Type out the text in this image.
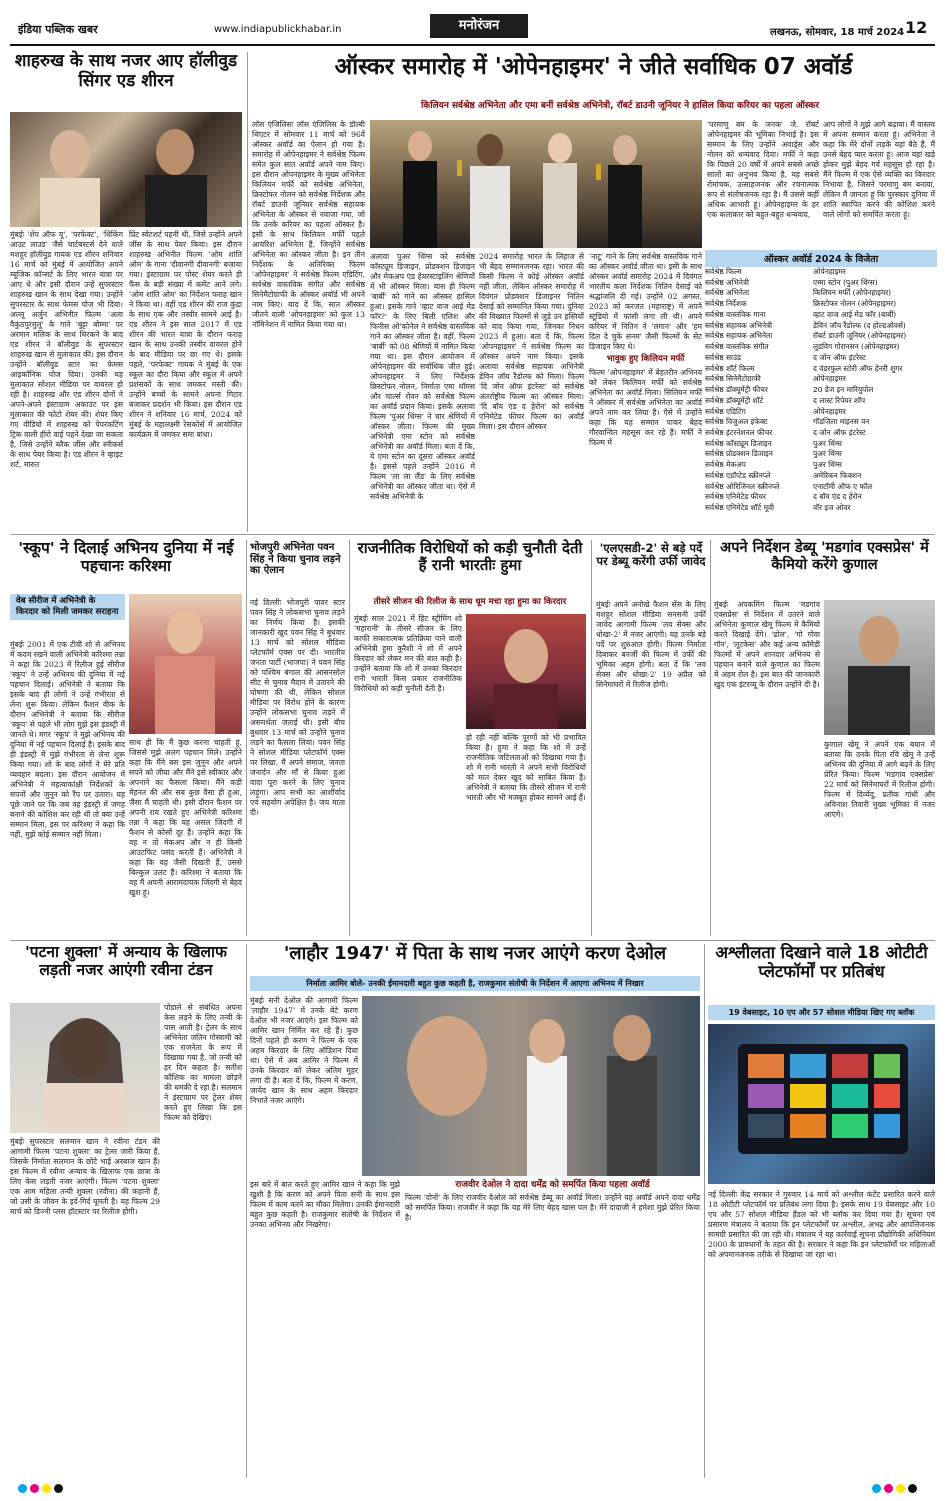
इंडिया पब्लिक खबर	www.indiapublickhabar.in	मनोरंजन	लखनऊ, सोमवार, 18 मार्च 2024 12
शाहरुख के साथ नजर आए हॉलीवुड सिंगर एड शीरन
मुंबईः 'शेप ऑफ यू', 'परफेक्ट', 'थिंकिंग आउट लाउड' जैसे चार्टबस्टर्स देने वाले मशहूर हॉलीवुड गायक एड शीरन शनिवार 16 मार्च को मुंबई में आयोजित अपने म्यूजिक कॉन्सर्ट के लिए भारत यात्रा पर आए थे और इसी दौरान उन्हें सुपरस्टार शाहरुख खान के साथ देखा गया। उन्होंने सुपरस्टार के साथ फेमस पोज भी दिया। अल्लू अर्जुन अभिनीत फिल्म 'अला वैकुंठपुरमुलू' के गाने 'बुट्टा बोम्मा' पर अरमान मलिक के साथ थिरकने के बाद एड शीरन ने बॉलीवुड के सुपरस्टार शाहरुख खान से मुलाकात की। इस दौरान उन्होंने बॉलीवुड स्टार का फेमस आइकॉनिक पोज दिया। उनकी यह मुलाकात सोशल मीडिया पर वायरल हो रही है। शाहरुख और एड शीरन दोनों ने अपने-अपने इंस्टाग्राम अकाउंट पर इस मुलाकात की फोटो शेयर की। शेयर किए गए वीडियो में शाहरुख को पेपरकटिंग ट्रिक वाली हीरो वाई पहने देखा जा सकता है, जिसे उन्होंने ब्लैक जींस और स्नीकर्स के साथ पेयर किया है। एड शीरन ने व्हाइट शर्ट, मारुत
प्रिंट स्वेटशर्ट पहनी थी, जिसे उन्होंने अपने जींस के साथ पेयर किया। इस दौरान शाहरुख अभिनीत फिल्म 'ओम शांति ओम' के गाना 'दीवानगी दीवानगी' बजाया गया। इंस्टाग्राम पर पोस्ट शेयर करते ही फैंस के बड़ी संख्या में कमेंट आने लगे। 'ओम शांति ओम' का निर्देशन फराह खान ने किया था। वहीं एड शीरन की राज कुंद्रा के साथ एक और तस्वीर सामने आई है। एड शीरन ने इस साल 2017 में एड शीरन की भारत यात्रा के दौरान फराह खान के साथ उनकी तस्वीर वायरल होने के बाद मीडिया पर छा गए थे। इसके पहले, 'परफेक्ट' गायक ने मुंबई के एक स्कूल का दौरा किया और स्कूल में अपने प्रशंसकों के साथ जमकर मस्ती की। उन्होंने बच्चों के सामने अपना गिटार बजाकर प्रदर्शन भी किया। इस दौरान एड शीरन ने शनिवार 16 मार्च, 2024 को मुंबई के महालक्ष्मी रेसकोर्स में आयोजित कार्यक्रम में जमकर समा बांधा।
ऑस्कर समारोह में 'ओपेनहाइमर' ने जीते सर्वाधिक 07 अवॉर्ड
किलियन सर्वश्रेष्ठ अभिनेता और एमा बनीं सर्वश्रेष्ठ अभिनेत्री, रॉबर्ट डाउनी जूनियर ने हासिल किया करियर का पहला ऑस्कर
लॉस एंजिलिसः लॉस एंजिलिस के डॉल्बी थिएटर में सोमवार 11 मार्च को 96वें ऑस्कर अवॉर्ड का ऐलान हो गया है। समारोह में ओपेनहाइमर ने सर्वश्रेष्ठ फिल्म समेत कुल सात अवॉर्ड अपने नाम किए। इस दौरान ओपनहाइमर के मुख्य अभिनेता किलियन मर्फी को सर्वश्रेष्ठ अभिनेता, क्रिस्टोफर नोलन को सर्वश्रेष्ठ निर्देशक और रॉबर्ट डाउनी जूनियर सर्वश्रेष्ठ सहायक अभिनेता के ऑस्कर से नवाजा गया, जो कि उनके करियर का पहला ऑस्कर है। इसी के साथ किलियन मर्फी पहले आयरिश अभिनेता हैं, जिन्होंने सर्वश्रेष्ठ अभिनेता का ऑस्कर जीता है। इन तीन निर्देशक के अतिरिक्त फिल्म 'ओपेनहाइमर' ने सर्वश्रेष्ठ फिल्म एडिटिंग, सर्वश्रेष्ठ वास्तविक संगीत और सर्वश्रेष्ठ सिनेमैटोग्राफी के ऑस्कर अवॉर्ड भी अपने नाम किए। याद दें कि, सात ऑस्कर जीतने वाली 'ओपनहाइमर' को कुल 13 नॉमिनेशन में नामित किया गया था।
अलावा पुअर थिंग्स को सर्वश्रेष्ठ कॉस्ट्यूम डिजाइन, प्रोडक्शन डिजाइन और मेकअप एंड हेयरस्टाइलिंग श्रेणियों में भी ऑस्कर मिला। यास ही फिल्म 'बार्बी' को गाने का ऑस्कर हासिल हुआ। इसके गाने 'व्हाट वाज आई मेड फॉर?' के लिए बिली एलिश और फिनीस ओ'कोनेल ने सर्वश्रेष्ठ वास्तविक गाने का ऑस्कर जीता है। वहीं, फिल्म 'बार्बी' को 08 श्रेणियों में नामित किया गया था। इस दौरान आयोजन में ओपेनहाइमर की सर्वाधिक जीत हुई। ओपनहाइमर ने लिए निर्देशक क्रिस्टोफर नोलन, निर्माता एमा थॉमस और चार्ल्स रोवन को सर्वश्रेष्ठ फिल्म का अवॉर्ड प्रदान किया। इसके अलावा फिल्म 'पुअर थिंग्स' ने चार श्रेणियों में ऑस्कर जीता। फिल्म की मुख्य अभिनेत्री एमा स्टोन को सर्वश्रेष्ठ अभिनेत्री का अवॉर्ड मिला। बता दें कि, ये एमा स्टोन का दूसरा ऑस्कर अवॉर्ड है। इससे पहले उन्होंने 2016 में फिल्म 'ला ला लैंड' के लिए सर्वश्रेष्ठ अभिनेत्री का ऑस्कर जीता था। ऐसे में सर्वश्रेष्ठ अभिनेत्री के
2024 समारोह भारत के लिहाज से भी बेहद सम्मानजनक रहा। भारत की किसी फिल्म ने कोई ऑस्कर अवॉर्ड नहीं जीता, लेकिन ऑस्कर समारोह में दिवंगत प्रोडक्शन डिजाइनर नितिन देसाई को सम्मानित किया गया। दुनिया की विख्यात फिल्मों से जुड़े उन हस्तियों को याद किया गया, जिनका निधन 2023 में हुआ। बता दें कि, फिल्म 'ओपनहाइमर' ने सर्वश्रेष्ठ फिल्म का ऑस्कर अपने नाम किया। इसके अलावा सर्वश्रेष्ठ सहायक अभिनेत्री डेविन जॉय रैंडोल्फ को मिला। फिल्म 'दि जोन ऑफ इंटरेस्ट' को सर्वश्रेष्ठ अंतर्राष्ट्रीय फिल्म का ऑस्कर मिला। 'दि बॉय एंड द हेरोन' को सर्वश्रेष्ठ एनिमेटेड फीचर फिल्म का अवॉर्ड मिला। इस दौरान ऑस्कर
'नाटू' गाने के लिए सर्वश्रेष्ठ वास्तविक गाने का ऑस्कर अवॉर्ड जीता था। इसी के साथ ऑस्कर अवॉर्ड समारोह 2024 में दिवंगत भारतीय कला निर्देशक नितिन देसाई को श्रद्धांजलि दी गई। उन्होंने 02 अगस्त, 2023 को करजत (महाराष्ट्र) में अपने स्टूडियो में फांसी लगा ली थी। अपने करियर में नितिन ने 'लगान' और 'हम दिल दे चुके सनम' जैसी फिल्मों के सेट डिजाइन किए थे।
भावुक हुए किलियन मर्फी
फिल्म 'ओपनहाइमर' में बेहतरीन अभिनय को लेकर किलियन मर्फी को सर्वश्रेष्ठ अभिनेता का अवॉर्ड मिला। सिलियन मर्फी ने ऑस्कर में सर्वश्रेष्ठ अभिनेता का अवॉर्ड अपने नाम कर लिया है। ऐसे में उन्होंने कहा कि यह सम्मान पाकर बेहद गौरवान्वित महसूस कर रहे हैं। मर्फी ने फिल्म में
'परमाणु बम के जनक' जे. रॉबर्ट ओपेनहाइमर की भूमिका निभाई है। इस सम्मान के लिए उन्होंने अवार्ड्स और नोलन को धन्यवाद दिया। मर्फी ने कहा कि पिछले 20 वर्षों में अपने सबसे अच्छे सालों का अनुभव किया है, यह सबसे रोमांचक, उत्साहजनक और रचनात्मक रूप से संतोषजनक रहा है। मैं उससे कहीं अधिक आभारी हूं। ओपेनहाइमर के हर एक कलाकार को बहुत-बहुत धन्यवाद,
आप लोगों ने मुझे आगे बढ़ाया। मैं वास्तव में अपना सम्मान करता हूं। अभिनेता ने कहा कि मेरे दोनों लड़के यहां बैठे हैं, मैं उनसे बेहद प्यार करता हूं। आज यहां खड़े होकर मुझे बेहद गर्व महसूस हो रहा है। मैंने फिल्म में एक ऐसे व्यक्ति का किरदार निभाया है, जिसने परमाणु बम बनाया, लेकिन मैं जानता हूं कि पुरस्कार दुनिया में शांति स्थापित करने की कोशिश करने वाले लोगों को समर्पित करता हूं।
ऑस्कर अवॉर्ड 2024 के विजेता
सर्वश्रेष्ठ फिल्म	ओपेनहाइमर
सर्वश्रेष्ठ अभिनेत्री	एम्मा स्टोन (पुअर थिंग्स)
सर्वश्रेष्ठ अभिनेता	किलियन मर्फी (ओपेनहाइमर)
सर्वश्रेष्ठ निर्देशक	क्रिस्टोफर नोलन (ओपेनहाइमर)
सर्वश्रेष्ठ वास्तविक गाना	व्हाट वाज आई मेड फॉर (बार्बी)
सर्वश्रेष्ठ सहायक अभिनेत्री	डेविन जॉय रैंडोल्फ (द होल्डओवर्स)
सर्वश्रेष्ठ सहायक अभिनेता	रॉबर्ट डाउनी जूनियर (ओपेनहाइमर)
सर्वश्रेष्ठ वास्तविक संगीत	लुडविग गोरानसन (ओपेनहाइमर)
सर्वश्रेष्ठ साउंड	द जोन ऑफ इंटरेस्ट
सर्वश्रेष्ठ शॉर्ट फिल्म	द वंडरफुल स्टोरी ऑफ हेनरी शुगर
सर्वश्रेष्ठ सिनेमैटोग्राफी	ओपेनहाइमर
सर्वश्रेष्ठ डॉक्यूमेंट्री फीचर	20 डेज इन मारियुपोल
सर्वश्रेष्ठ डॉक्यूमेंट्री शॉर्ट	द लास्ट रिपेयर शॉप
सर्वश्रेष्ठ एडिटिंग	ओपेनहाइमर
सर्वश्रेष्ठ विजुअल इफेक्ट	गॉडजिला माइनस वन
सर्वश्रेष्ठ इंटरनेशनल फीचर	द जोन ऑफ इंटरेस्ट
सर्वश्रेष्ठ कॉस्ट्यूम डिजाइन	पुअर थिंग्स
सर्वश्रेष्ठ प्रोडक्शन डिजाइन	पुअर थिंग्स
सर्वश्रेष्ठ मेकअप	पुअर थिंग्स
सर्वश्रेष्ठ एडॉप्टेड स्क्रीनप्ले	अमेरिकन फिक्शन
सर्वश्रेष्ठ ओरिजिनल स्क्रीनप्ले	एनाटॉमी ऑफ ए फॉल
सर्वश्रेष्ठ एनिमेटेड फीचर	द बॉय एंड द हेरोन
सर्वश्रेष्ठ एनिमेटेड शॉर्ट मूवी	वॉर इज ओवर
'स्कूप' ने दिलाई अभिनय दुनिया में नई पहचानः करिश्मा
वेब सीरीज में अभिनेत्री के किरदार को मिली जमकर सराहना
मुंबईः 2001 में एक टीवी शो से अभिनय में कदम रखने वाली अभिनेत्री करिश्मा तन्ना ने कहा कि 2023 में रिलीज हुई सीरीज 'स्कूप' ने उन्हें अभिनय की दुनिया में नई पहचान दिलाई। अभिनेत्री ने बताया कि इसके बाद ही लोगों ने उन्हें गंभीरता से लेना शुरू किया। लेकिन फैशन वीक के दौरान अभिनेत्री ने बताया कि सीरीज 'स्कूप' से पहले भी लोग मुझे इस इंडस्ट्री में जानते थे। मगर 'स्कूप' ने मुझे अभिनय की दुनिया में नई पहचान दिलाई है। इसके बाद ही इंडस्ट्री में मुझे गंभीरता से लेना शुरू किया गया। शो के बाद लोगों ने मेरे प्रति व्यवहार बदला। इस दौरान आयोजन में अभिनेत्री ने महत्वाकांक्षी निर्देशकों के सपनों और जुनून को रैंप पर उतारा। यह पूछे जाने पर कि जब वह इंडस्ट्री में जगह बनाने की कोशिश कर रही थीं तो क्या उन्हें सम्मान मिला, इस पर करिश्मा ने कहा कि नहीं, मुझे कोई सम्मान नहीं मिला।
साथ ही कि मैं कुछ करना चाहती हूं, जिससे मुझे अलग पहचान मिले। उन्होंने कहा कि मैंने बस इस जुनून और अपने सपने को जीया और मैंने इसे स्वीकार और अपनाने का फैसला किया। मैंने कड़ी मेहनत की और सब कुछ वैसा ही हुआ, जैसा मैं चाहती थी। इसी दौरान फैशन पर अपनी राय रखते हुए अभिनेत्री करिश्मा तन्ना ने कहा कि यह असल जिंदगी में फैशन से कोसों दूर हैं। उन्होंने कहा कि वह न तो मेकअप और न ही किसी आउटफिट पसंद करती हैं। अभिनेत्री ने कहा कि वह जैसी दिखती हैं, उससे बिल्कुल उलट हैं। करिश्मा ने बताया कि वह मैं अपनी आरामदायक जिंदगी से बेहद खुश हूं।
भोजपुरी अभिनेता पवन सिंह ने किया चुनाव लड़ने का ऐलान
नई दिल्लीः भोजपुरी पावर स्टार पवन सिंह ने लोकसभा चुनाव लड़ने का निर्णय किया है। इसकी जानकारी खुद पवन सिंह ने बुधवार 13 मार्च को सोशल मीडिया प्लेटफॉर्म एक्स पर दी। भारतीय जनता पार्टी (भाजपा) ने पवन सिंह को पश्चिम बंगाल की आसनसोल सीट से चुनाव मैदान में उतारने की घोषणा की थी, लेकिन सोशल मीडिया पर विरोध होने के कारण उन्होंने लोकसभा चुनाव लड़ने में असमर्थता जताई थी। इसी बीच बुधवार 13 मार्च को उन्होंने चुनाव लड़ने का फैसला लिया। पवन सिंह ने सोशल मीडिया प्लेटफॉर्म एक्स पर लिखा, मैं अपने समाज, जनता जनार्दन और माँ से किया हुआ वादा पूरा करने के लिए चुनाव लड़ूंगा। आप सभी का आशीर्वाद एवं सहयोग अपेक्षित है। जय माता दी।
राजनीतिक विरोधियों को कड़ी चुनौती देती हैं रानी भारतीः हुमा
तीसरे सीजन की रिलीज के साथ धूम मचा रहा हुमा का किरदार
मुंबईः साल 2021 में हिट स्ट्रीमिंग शो 'महारानी' के तीसरे सीजन के लिए काफी सकारात्मक प्रतिक्रिया पाने वाली अभिनेत्री हुमा कुरैशी ने शो में अपने किरदार को लेकर मन की बात कही है। उन्होंने बताया कि शो में उनका किरदार रानी भारती किस प्रकार राजनीतिक विरोधियों को कड़ी चुनौती देती है।
हो रही नहीं बल्कि पूरणों को भी प्रभावित किया है। हुमा ने कहा कि शो में उन्हें राजनीतिक जटिलताओं को दिखाया गया है। शो में रानी भारती ने अपने सभी विरोधियों को मात देकर खुद को साबित किया है। अभिनेत्री ने बताया कि तीसरे सीजन में रानी भारती और भी मजबूत होकर सामने आई हैं।
'एलएसडी-2' से बड़े पर्दे पर डेब्यू करेंगी उर्फी जावेद
मुंबईः अपने अनोखे फैशन सेंस के लिए मशहूर सोशल मीडिया सनसनी उर्फी जावेद आगामी फिल्म 'लव सेक्स और धोखा-2' में नजर आएंगी। यह उनके बड़े पर्दे पर शुरुआत होगी। फिल्म निर्माता दिबाकर बनर्जी की फिल्म में उर्फी की भूमिका अहम होगी। बता दें कि 'लव सेक्स और धोखा-2' 19 अप्रैल को सिनेमाघरों में रिलीज होगी।
अपने निर्देशन डेब्यू 'मडगांव एक्सप्रेस' में कैमियो करेंगे कुणाल
मुंबईः अपकमिंग फिल्म 'मडगांव एक्सप्रेस' से निर्देशन में उतरने वाले अभिनेता कुणाल खेमू फिल्म में कैमियो करते दिखाई देंगे। 'ढोल', 'गो गोवा गॉन', 'लूटकेस' और कई अन्य कॉमेडी फिल्मों में अपने शानदार अभिनय से पहचान बनाने वाले कुणाल का फिल्म में अहम रोल है। इस बात की जानकारी खुद एक इंटरव्यू के दौरान उन्होंने दी है।
कुणाल खेमू ने अपने एक बयान में बताया कि उनके पिता रवि खेमू ने उन्हें अभिनय की दुनिया में आगे बढ़ने के लिए प्रेरित किया। फिल्म 'मडगांव एक्सप्रेस' 22 मार्च को सिनेमाघरों में रिलीज होगी। फिल्म में दिव्येंदु, प्रतीक गांधी और अविनाश तिवारी मुख्य भूमिका में नजर आएंगे।
'पटना शुक्ला' में अन्याय के खिलाफ लड़ती नजर आएंगी रवीना टंडन
मुंबईः सुपरस्टार सलमान खान ने रवीना टंडन की आगामी फिल्म 'पटना शुक्ला' का ट्रेलर जारी किया है, जिसके निर्माता सलमान के छोटे भाई अरबाज खान हैं। इस फिल्म में रवीना अन्याय के खिलाफ एक छात्रा के लिए केस लड़ती नजर आएंगी। फिल्म 'पटना शुक्ला' एक आम महिला तन्वी शुक्ला (रवीना) की कहानी है, जो उसी के जीवन के इर्द-गिर्द घूमती है। यह फिल्म 29 मार्च को डिज्नी प्लस हॉटस्टार पर रिलीज होगी।
पोडाले से संबंधित अपना केस लड़ने के लिए तन्वी के पास आती है। ट्रेलर के साथ अभिनेता जतिन गोस्वामी को एक राजनेता के रूप में दिखाया गया है, जो तन्वी को हर दिन कहता है। सतीश कौशिक का मामला छोड़ने की धमकी दे रहा है। सलमान ने इंस्टाग्राम पर ट्रेलर शेयर करते हुए लिखा कि इस फिल्म को देखिए।
'लाहौर 1947' में पिता के साथ नजर आएंगे करण देओल
निर्माता आमिर बोले- उनकी ईमानदारी बहुत कुछ कहती है, राजकुमार संतोषी के निर्देशन में आएगा अभिनय में निखार
मुंबईः सनी देओल की आगामी फिल्म 'लाहौर 1947' में उनके बेटे करण देओल भी नजर आएंगे। इस फिल्म को आमिर खान निर्मित कर रहे हैं। कुछ दिनों पहले ही करण ने फिल्म के एक अहम किरदार के लिए ऑडिशन दिया था। ऐसे में अब आमिर ने फिल्म में उनके किरदार को लेकर अंतिम मुहर लगा दी है। बता दें कि, फिल्म में करण, जायेद खान के साथ अहम किरदार निभाते नजर आएंगे।
इस बारे में बात करते हुए आमिर खान ने कहा कि मुझे खुशी है कि करण को अपने पिता सनी के साथ इस फिल्म में काम करने का मौका मिलेगा। उनकी ईमानदारी बहुत कुछ कहती है। राजकुमार संतोषी के निर्देशन में उनका अभिनय और निखरेगा।
राजवीर देओल ने दादा धर्मेंद्र को समर्पित किया पहला अवॉर्ड
फिल्म 'दोनों' के लिए राजवीर देओल को सर्वश्रेष्ठ डेब्यू का अवॉर्ड मिला। उन्होंने यह अवॉर्ड अपने दादा धर्मेंद्र को समर्पित किया। राजवीर ने कहा कि यह मेरे लिए बेहद खास पल है। मेरे दादाजी ने हमेशा मुझे प्रेरित किया है।
अश्लीलता दिखाने वाले 18 ओटीटी प्लेटफॉर्मों पर प्रतिबंध
19 वेबसाइट, 10 एप और 57 सोशल मीडिया खिए गए ब्लॉक
नई दिल्लीः केंद्र सरकार ने गुरुवार 14 मार्च को अश्लील कंटेंट प्रसारित करने वाले 18 ओटीटी प्लेटफॉर्म पर प्रतिबंध लगा दिया है। इसके साथ 19 वेबसाइट और 10 एप और 57 सोशल मीडिया हैंडल को भी ब्लॉक कर दिया गया है। सूचना एवं प्रसारण मंत्रालय ने बताया कि इन प्लेटफॉर्मों पर अश्लील, अभद्र और आपत्तिजनक सामग्री प्रसारित की जा रही थी। मंत्रालय ने यह कार्रवाई सूचना प्रौद्योगिकी अधिनियम 2000 के प्रावधानों के तहत की है। सरकार ने कहा कि इन प्लेटफॉर्मों पर महिलाओं को अपमानजनक तरीके से दिखाया जा रहा था।
